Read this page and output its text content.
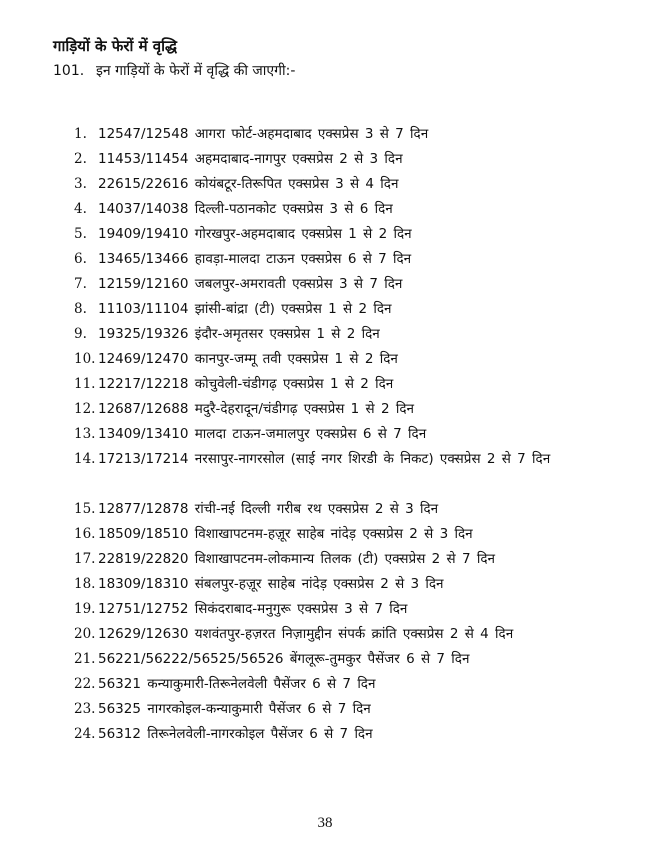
गाड़ियों के फेरों में वृद्धि
101. इन गाड़ियों के फेरों में वृद्धि की जाएगी:-
1. 12547/12548 आगरा फोर्ट-अहमदाबाद एक्सप्रेस 3 से 7 दिन
2. 11453/11454 अहमदाबाद-नागपुर एक्सप्रेस 2 से 3 दिन
3. 22615/22616 कोयंबटूर-तिरूपित एक्सप्रेस 3 से 4 दिन
4. 14037/14038 दिल्ली-पठानकोट एक्सप्रेस 3 से 6 दिन
5. 19409/19410 गोरखपुर-अहमदाबाद एक्सप्रेस 1 से 2 दिन
6. 13465/13466 हावड़ा-मालदा टाऊन एक्सप्रेस 6 से 7 दिन
7. 12159/12160 जबलपुर-अमरावती एक्सप्रेस 3 से 7 दिन
8. 11103/11104 झांसी-बांद्रा (टी) एक्सप्रेस 1 से 2 दिन
9. 19325/19326 इंदौर-अमृतसर एक्सप्रेस 1 से 2 दिन
10. 12469/12470 कानपुर-जम्मू तवी एक्सप्रेस 1 से 2 दिन
11. 12217/12218 कोचुवेली-चंडीगढ़ एक्सप्रेस 1 से 2 दिन
12. 12687/12688 मदुरै-देहरादून/चंडीगढ़ एक्सप्रेस 1 से 2 दिन
13. 13409/13410 मालदा टाऊन-जमालपुर एक्सप्रेस 6 से 7 दिन
14. 17213/17214 नरसापुर-नागरसोल (साई नगर शिरडी के निकट) एक्सप्रेस 2 से 7 दिन
15. 12877/12878 रांची-नई दिल्ली गरीब रथ एक्सप्रेस 2 से 3 दिन
16. 18509/18510 विशाखापटनम-हज़ूर साहेब नांदेड़ एक्सप्रेस 2 से 3 दिन
17. 22819/22820 विशाखापटनम-लोकमान्य तिलक (टी) एक्सप्रेस 2 से 7 दिन
18. 18309/18310 संबलपुर-हज़ूर साहेब नांदेड़ एक्सप्रेस 2 से 3 दिन
19. 12751/12752 सिकंदराबाद-मनुगुरू एक्सप्रेस 3 से 7 दिन
20. 12629/12630 यशवंतपुर-हज़रत निज़ामुद्दीन संपर्क क्रांति एक्सप्रेस 2 से 4 दिन
21. 56221/56222/56525/56526 बेंगलूरू-तुमकुर पैसेंजर 6 से 7 दिन
22. 56321 कन्याकुमारी-तिरूनेलवेली पैसेंजर 6 से 7 दिन
23. 56325 नागरकोइल-कन्याकुमारी पैसेंजर 6 से 7 दिन
24. 56312 तिरूनेलवेली-नागरकोइल पैसेंजर 6 से 7 दिन
38
